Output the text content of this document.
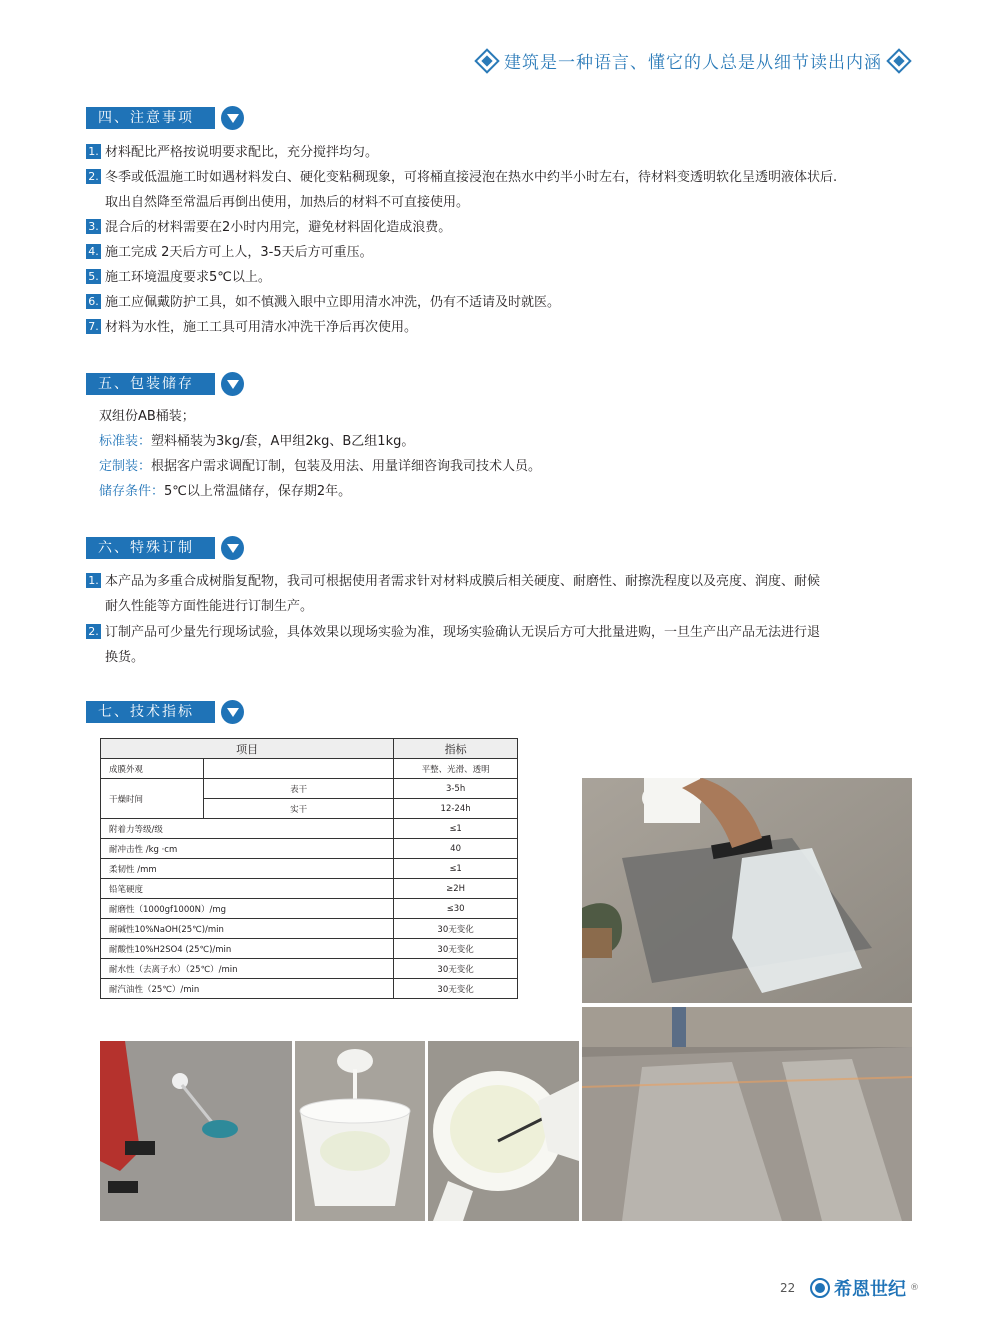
建筑是一种语言、懂它的人总是从细节读出内涵
四、注意事项
1. 材料配比严格按说明要求配比，充分搅拌均匀。
2. 冬季或低温施工时如遇材料发白、硬化变粘稠现象，可将桶直接浸泡在热水中约半小时左右，待材料变透明软化呈透明液体状后.
取出自然降至常温后再倒出使用，加热后的材料不可直接使用。
3. 混合后的材料需要在2小时内用完，避免材料固化造成浪费。
4. 施工完成 2天后方可上人，3-5天后方可重压。
5. 施工环境温度要求5℃以上。
6. 施工应佩戴防护工具，如不慎溅入眼中立即用清水冲洗，仍有不适请及时就医。
7. 材料为水性，施工工具可用清水冲洗干净后再次使用。
五、包装储存
双组份AB桶装；
标准装：塑料桶装为3kg/套，A甲组2kg、B乙组1kg。
定制装：根据客户需求调配订制，包装及用法、用量详细咨询我司技术人员。
储存条件：5℃以上常温储存，保存期2年。
六、特殊订制
1. 本产品为多重合成树脂复配物，我司可根据使用者需求针对材料成膜后相关硬度、耐磨性、耐擦洗程度以及亮度、润度、耐候
耐久性能等方面性能进行订制生产。
2. 订制产品可少量先行现场试验，具体效果以现场实验为准，现场实验确认无误后方可大批量进购，一旦生产出产品无法进行退
换货。
七、技术指标
项目		指标
成膜外观		平整、光滑、透明
干燥时间	表干	3-5h
	实干	12-24h
附着力等级/级		≤1
耐冲击性 /kg ·cm		40
柔韧性 /mm		≤1
铅笔硬度		≥2H
耐磨性（1000gf1000N）/mg		≤30
耐碱性10%NaOH(25℃)/min		30无变化
耐酸性10%H2SO4 (25℃)/min		30无变化
耐水性（去离子水）（25℃）/min		30无变化
耐汽油性（25℃）/min		30无变化
22 希恩世纪 ®
